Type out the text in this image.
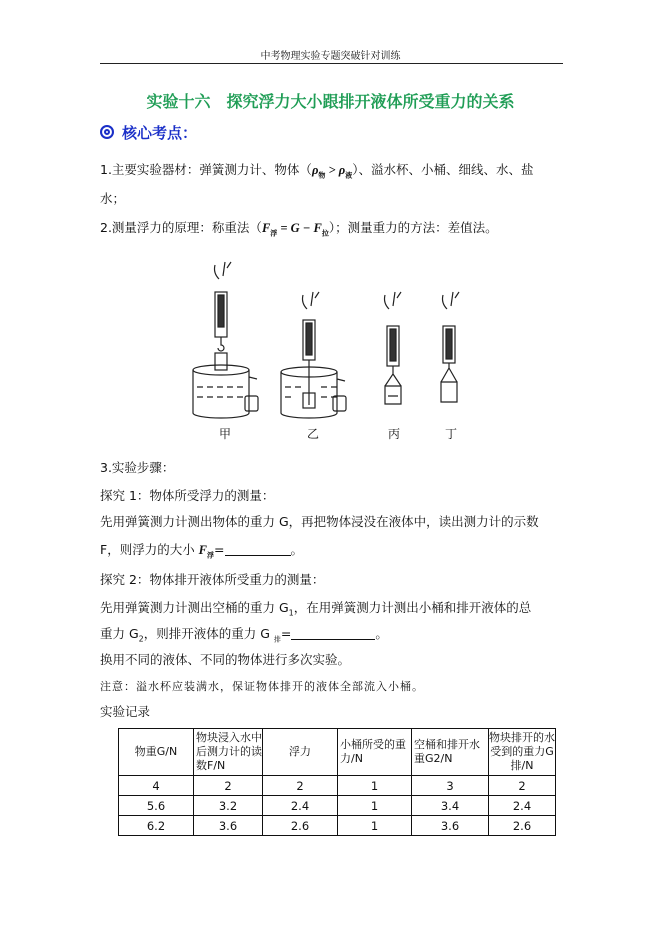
中考物理实验专题突破针对训练
实验十六　探究浮力大小跟排开液体所受重力的关系
核心考点：
1.主要实验器材：弹簧测力计、物体$(\rho_物 > \rho_液)$、溢水杯、小桶、细线、水、盐
水；
2.测量浮力的原理：称重法$(F_浮 = G - F_拉)$；测量重力的方法：差值法。
甲	乙	丙	丁
3.实验步骤：
探究 1：物体所受浮力的测量：
先用弹簧测力计测出物体的重力 G，再把物体浸没在液体中，读出测力计的示数
F，则浮力的大小 $F_浮=$	。
探究 2：物体排开液体所受重力的测量：
先用弹簧测力计测出空桶的重力 $G_1$，在用弹簧测力计测出小桶和排开液体的总
重力 $G_2$，则排开液体的重力 G $_排$=	。
换用不同的液体、不同的物体进行多次实验。
注意：溢水杯应装满水，保证物体排开的液体全部流入小桶。
实验记录
物重G/N	物块浸入水中后测力计的读数F/N	浮力	小桶所受的重力/N	空桶和排开水重G2/N	物块排开的水受到的重力G排/N
4	2	2	1	3	2
5.6	3.2	2.4	1	3.4	2.4
6.2	3.6	2.6	1	3.6	2.6
